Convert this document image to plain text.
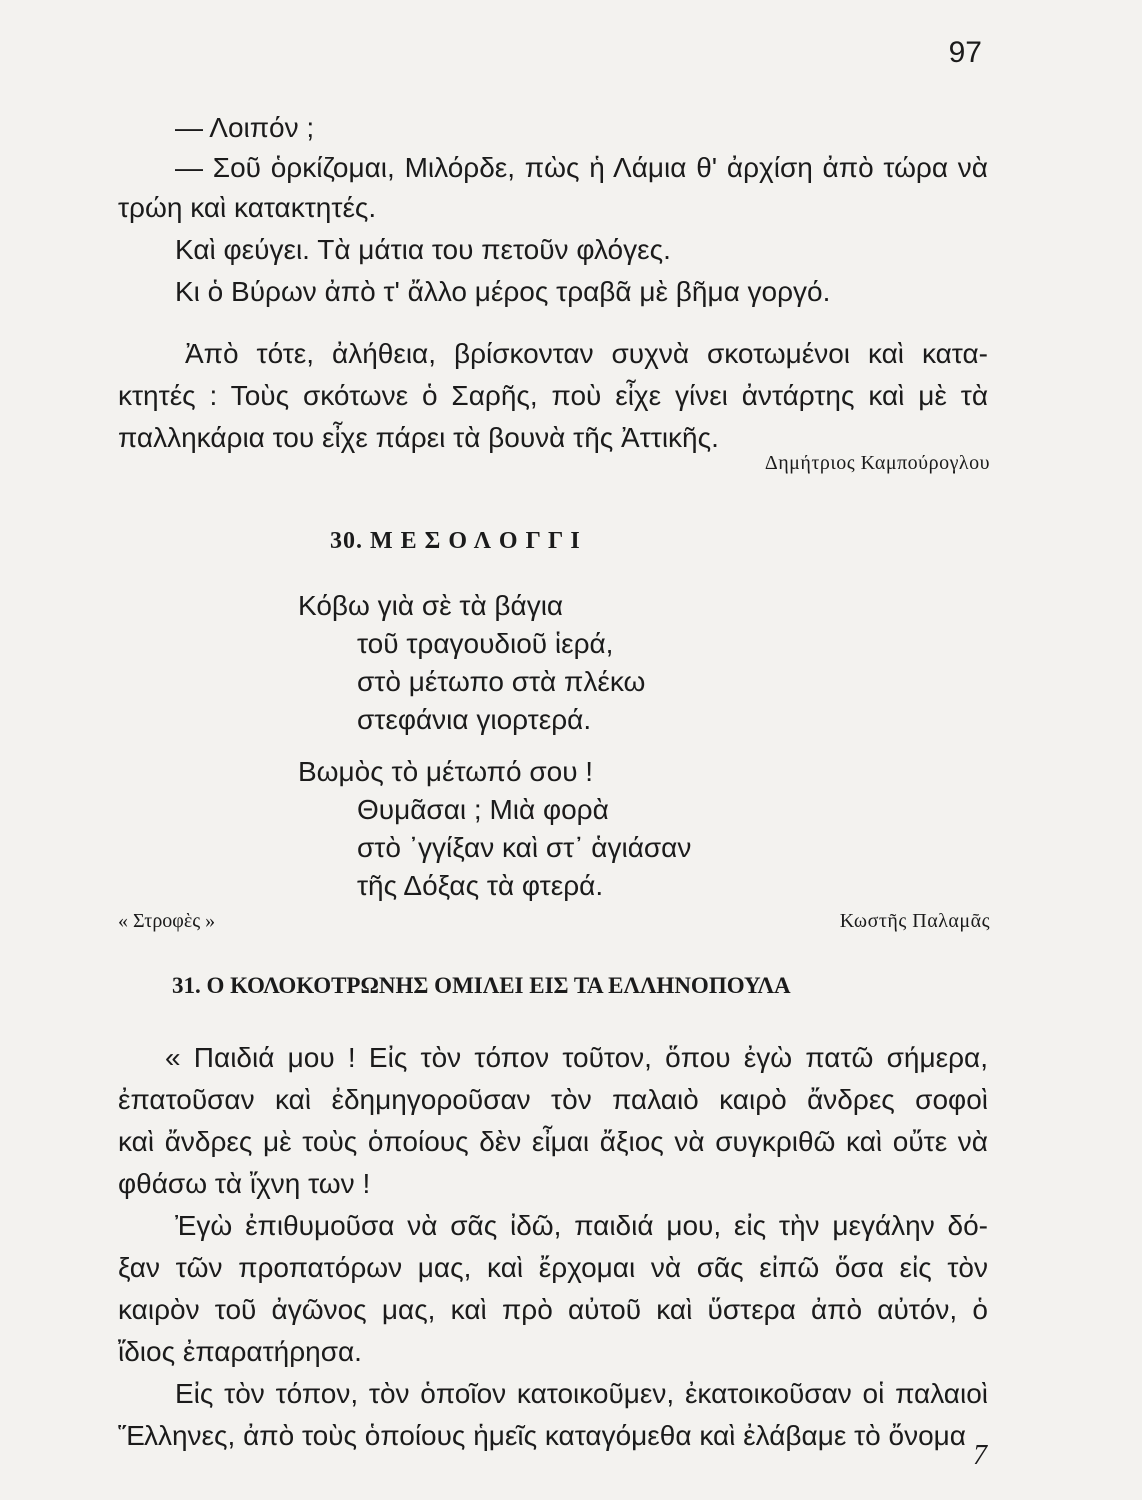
97
— Λοιπόν ;
— Σοῦ ὁρκίζομαι, Μιλόρδε, πὼς ἡ Λάμια θ' ἀρχίση ἀπὸ τώρα νὰ
τρώη καὶ κατακτητές.
Καὶ φεύγει. Τὰ μάτια του πετοῦν φλόγες.
Κι ὁ Βύρων ἀπὸ τ' ἄλλο μέρος τραβᾶ μὲ βῆμα γοργό.
Ἀπὸ τότε, ἀλήθεια, βρίσκονταν συχνὰ σκοτωμένοι καὶ κατα-
κτητές : Τοὺς σκότωνε ὁ Σαρῆς, ποὺ εἶχε γίνει ἀντάρτης καὶ μὲ τὰ
παλληκάρια του εἶχε πάρει τὰ βουνὰ τῆς Ἀττικῆς.
Δημήτριος Καμπούρογλου
30. Μ Ε Σ Ο Λ Ο Γ Γ Ι
Κόβω γιὰ σὲ τὰ βάγια
τοῦ τραγουδιοῦ ἱερά,
στὸ μέτωπο στὰ πλέκω
στεφάνια γιορτερά.
Βωμὸς τὸ μέτωπό σου !
Θυμᾶσαι ; Μιὰ φορὰ
στὸ ᾿γγίξαν καὶ στ᾿ ἁγιάσαν
τῆς Δόξας τὰ φτερά.
« Στροφὲς »	Κωστῆς Παλαμᾶς
31. Ο ΚΟΛΟΚΟΤΡΩΝΗΣ ΟΜΙΛΕΙ ΕΙΣ ΤΑ ΕΛΛΗΝΟΠΟΥΛΑ
« Παιδιά μου ! Εἰς τὸν τόπον τοῦτον, ὅπου ἐγὼ πατῶ σήμερα,
ἐπατοῦσαν καὶ ἐδημηγοροῦσαν τὸν παλαιὸ καιρὸ ἄνδρες σοφοὶ
καὶ ἄνδρες μὲ τοὺς ὁποίους δὲν εἶμαι ἄξιος νὰ συγκριθῶ καὶ οὔτε νὰ
φθάσω τὰ ἴχνη των !
Ἐγὼ ἐπιθυμοῦσα νὰ σᾶς ἰδῶ, παιδιά μου, εἰς τὴν μεγάλην δό-
ξαν τῶν προπατόρων μας, καὶ ἔρχομαι νὰ σᾶς εἰπῶ ὅσα εἰς τὸν
καιρὸν τοῦ ἀγῶνος μας, καὶ πρὸ αὐτοῦ καὶ ὕστερα ἀπὸ αὐτόν, ὁ
ἴδιος ἐπαρατήρησα.
Εἰς τὸν τόπον, τὸν ὁποῖον κατοικοῦμεν, ἐκατοικοῦσαν οἱ παλαιοὶ
Ἕλληνες, ἀπὸ τοὺς ὁποίους ἡμεῖς καταγόμεθα καὶ ἐλάβαμε τὸ ὄνομα
7
